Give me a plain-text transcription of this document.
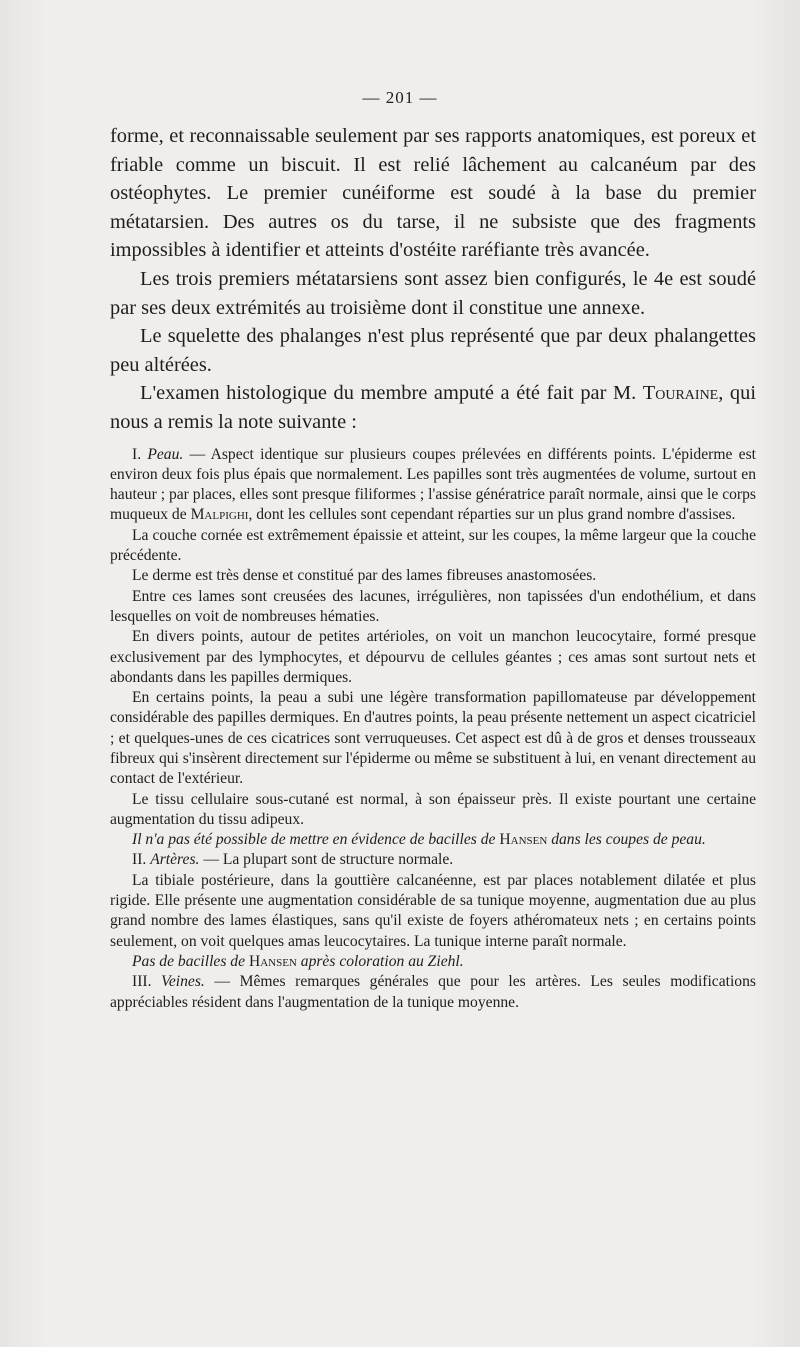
— 201 —

forme, et reconnaissable seulement par ses rapports anatomiques, est poreux et friable comme un biscuit. Il est relié lâchement au calcanéum par des ostéophytes. Le premier cunéiforme est soudé à la base du premier métatarsien. Des autres os du tarse, il ne subsiste que des fragments impossibles à identifier et atteints d'ostéite raréfiante très avancée.

Les trois premiers métatarsiens sont assez bien configurés, le 4e est soudé par ses deux extrémités au troisième dont il constitue une annexe.

Le squelette des phalanges n'est plus représenté que par deux phalangettes peu altérées.

L'examen histologique du membre amputé a été fait par M. Touraine, qui nous a remis la note suivante :

I. Peau. — Aspect identique sur plusieurs coupes prélevées en différents points. L'épiderme est environ deux fois plus épais que normalement. Les papilles sont très augmentées de volume, surtout en hauteur ; par places, elles sont presque filiformes ; l'assise génératrice paraît normale, ainsi que le corps muqueux de Malpighi, dont les cellules sont cependant réparties sur un plus grand nombre d'assises.

La couche cornée est extrêmement épaissie et atteint, sur les coupes, la même largeur que la couche précédente.

Le derme est très dense et constitué par des lames fibreuses anastomosées.

Entre ces lames sont creusées des lacunes, irrégulières, non tapissées d'un endothélium, et dans lesquelles on voit de nombreuses hématies.

En divers points, autour de petites artérioles, on voit un manchon leucocytaire, formé presque exclusivement par des lymphocytes, et dépourvu de cellules géantes ; ces amas sont surtout nets et abondants dans les papilles dermiques.

En certains points, la peau a subi une légère transformation papillomateuse par développement considérable des papilles dermiques. En d'autres points, la peau présente nettement un aspect cicatriciel ; et quelques-unes de ces cicatrices sont verruqueuses. Cet aspect est dû à de gros et denses trousseaux fibreux qui s'insèrent directement sur l'épiderme ou même se substituent à lui, en venant directement au contact de l'extérieur.

Le tissu cellulaire sous-cutané est normal, à son épaisseur près. Il existe pourtant une certaine augmentation du tissu adipeux.

Il n'a pas été possible de mettre en évidence de bacilles de Hansen dans les coupes de peau.

II. Artères. — La plupart sont de structure normale.

La tibiale postérieure, dans la gouttière calcanéenne, est par places notablement dilatée et plus rigide. Elle présente une augmentation considérable de sa tunique moyenne, augmentation due au plus grand nombre des lames élastiques, sans qu'il existe de foyers athéromateux nets ; en certains points seulement, on voit quelques amas leucocytaires. La tunique interne paraît normale.

Pas de bacilles de Hansen après coloration au Ziehl.

III. Veines. — Mêmes remarques générales que pour les artères. Les seules modifications appréciables résident dans l'augmentation de la tunique moyenne.
